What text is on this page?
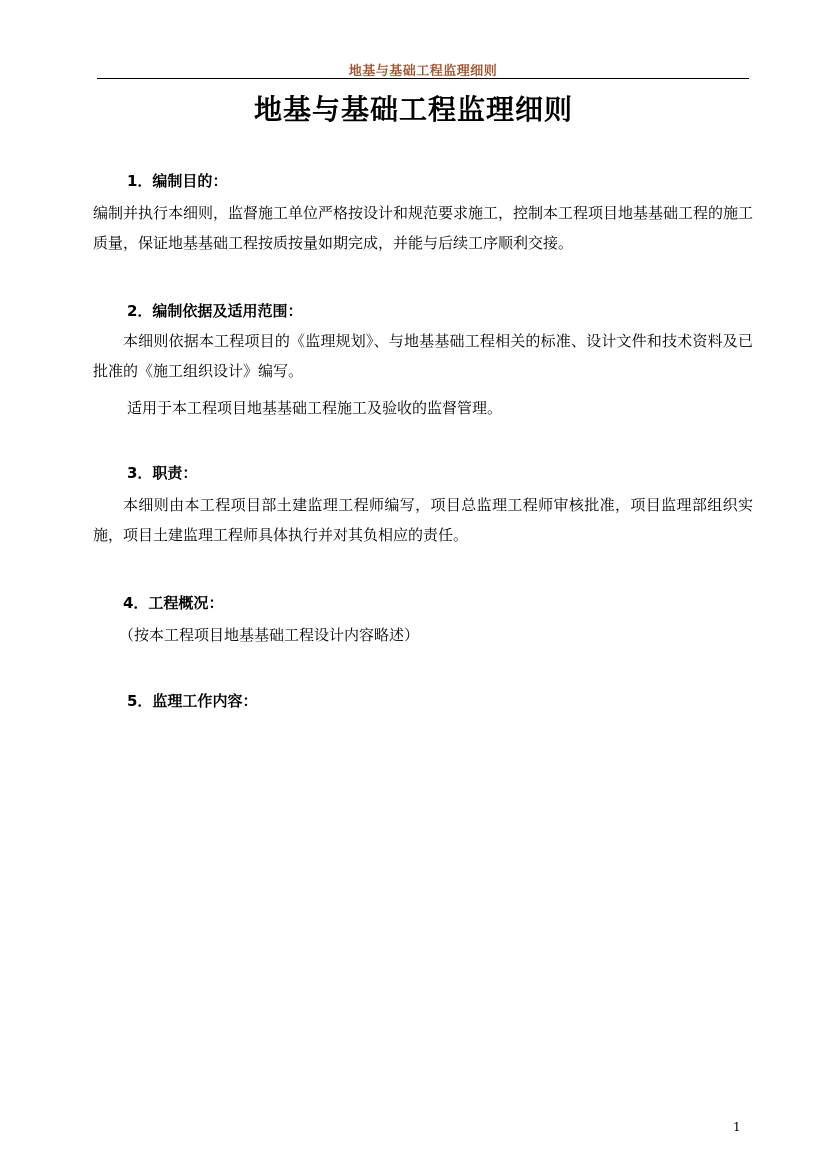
地基与基础工程监理细则
地基与基础工程监理细则
1．编制目的：
编制并执行本细则，监督施工单位严格按设计和规范要求施工，控制本工程项目地基基础工程的施工质量，保证地基基础工程按质按量如期完成，并能与后续工序顺利交接。
2．编制依据及适用范围：
本细则依据本工程项目的《监理规划》、与地基基础工程相关的标准、设计文件和技术资料及已批准的《施工组织设计》编写。
适用于本工程项目地基基础工程施工及验收的监督管理。
3．职责：
本细则由本工程项目部土建监理工程师编写，项目总监理工程师审核批准，项目监理部组织实施，项目土建监理工程师具体执行并对其负相应的责任。
4．工程概况：
（按本工程项目地基基础工程设计内容略述）
5．监理工作内容：
1
